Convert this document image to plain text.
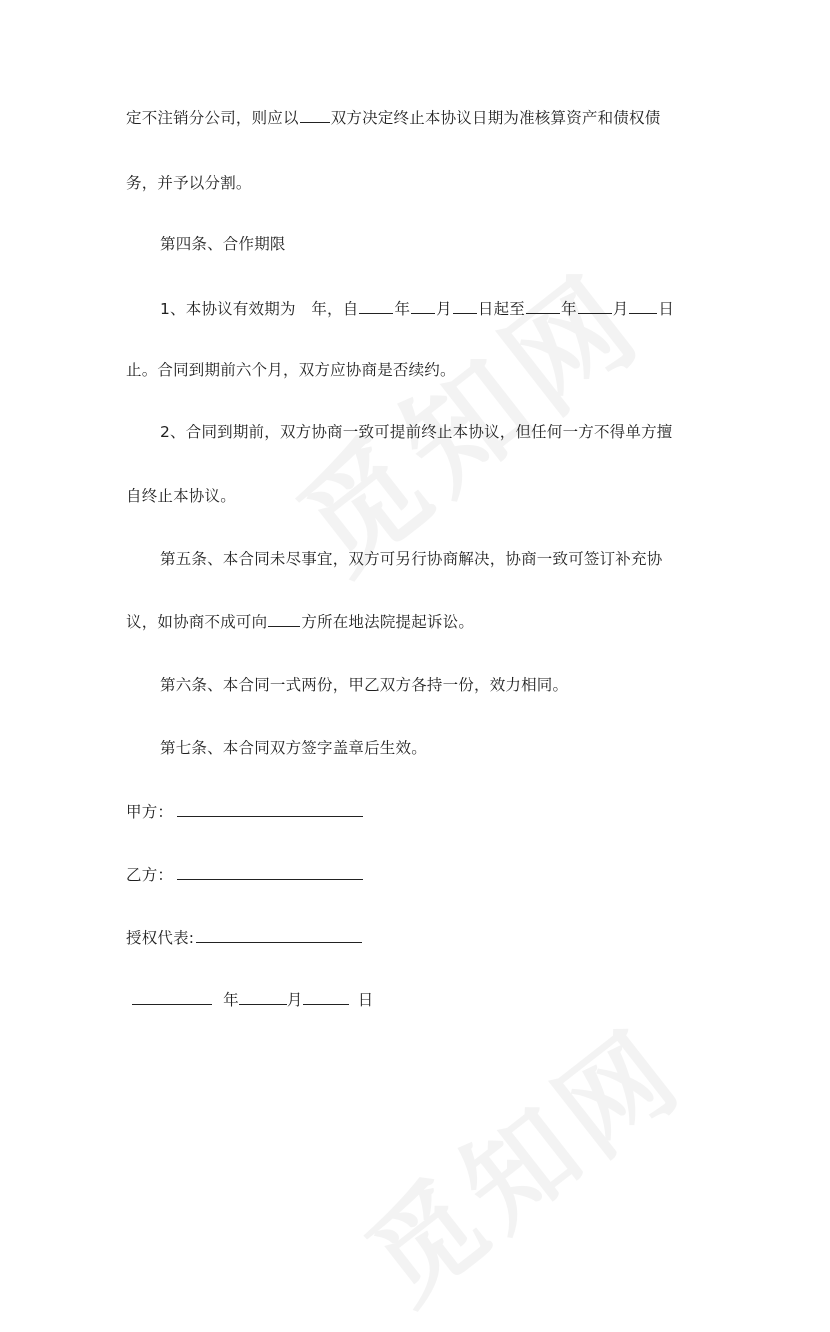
定不注销分公司，则应以 双方决定终止本协议日期为准核算资产和债权债
务，并予以分割。
第四条、合作期限
1、本协议有效期为　年，自 年 月 日起至 年 月 日
止。合同到期前六个月，双方应协商是否续约。
2、合同到期前，双方协商一致可提前终止本协议，但任何一方不得单方擅
自终止本协议。
第五条、本合同未尽事宜，双方可另行协商解决，协商一致可签订补充协
议，如协商不成可向 方所在地法院提起诉讼。
第六条、本合同一式两份，甲乙双方各持一份，效力相同。
第七条、本合同双方签字盖章后生效。
甲方：
乙方：
授权代表:
年	月	日
